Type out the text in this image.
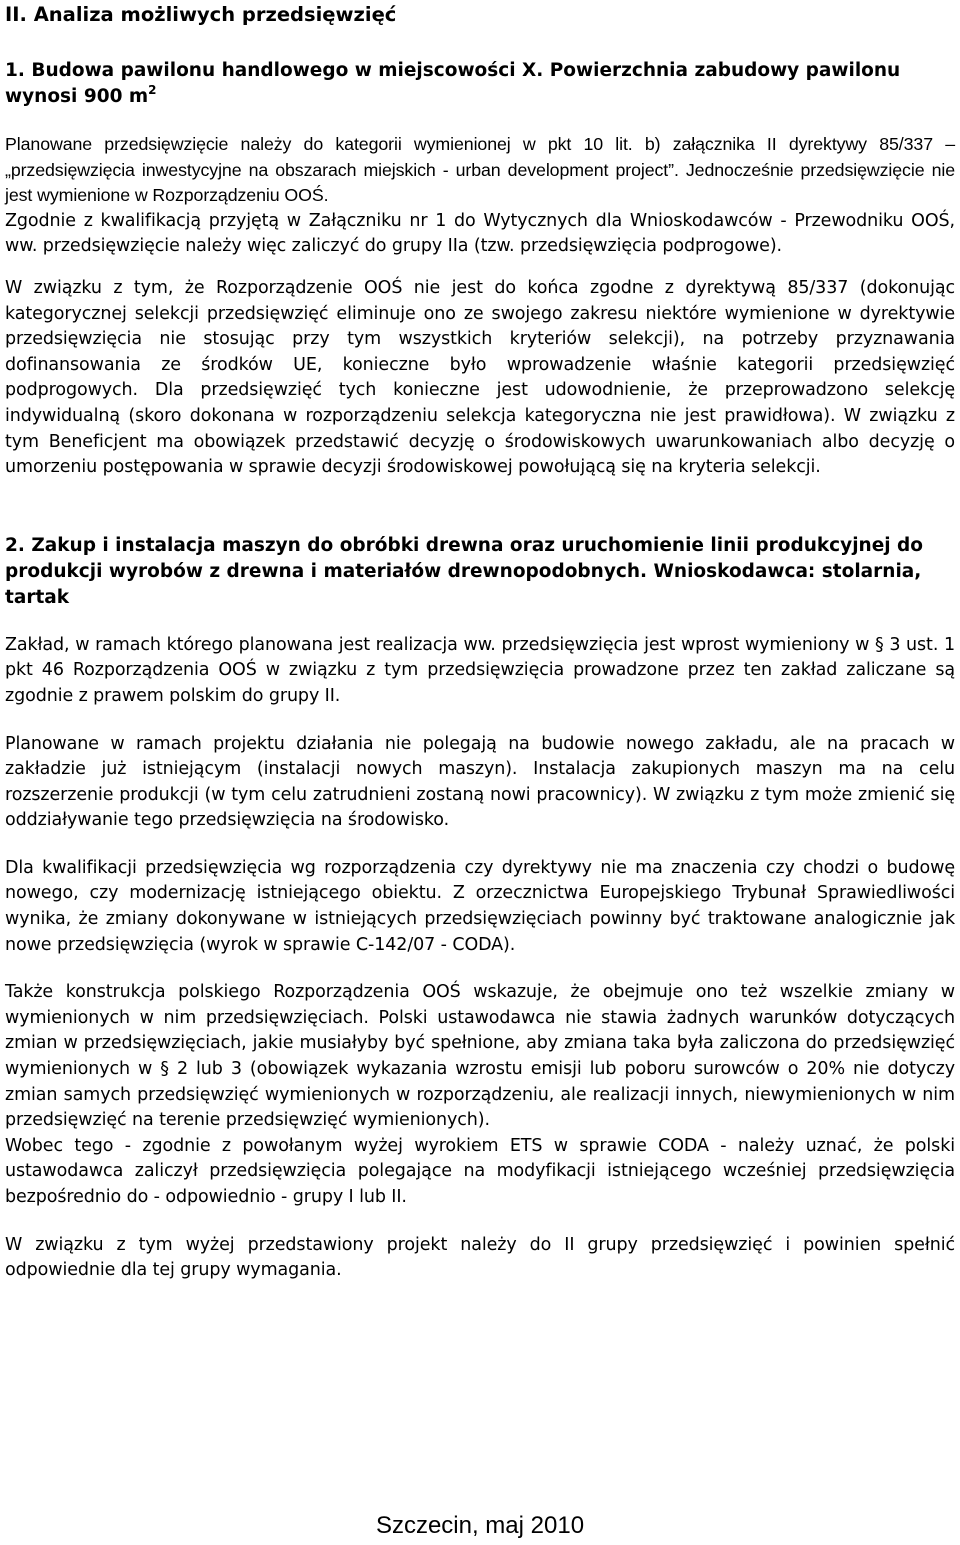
II. Analiza możliwych przedsięwzięć
1. Budowa pawilonu handlowego w miejscowości X. Powierzchnia zabudowy pawilonu wynosi 900 $m^2$

Planowane przedsięwzięcie należy do kategorii wymienionej w pkt 10 lit. b) załącznika II dyrektywy 85/337 – „przedsięwzięcia inwestycyjne na obszarach miejskich - urban development project”. Jednocześnie przedsięwzięcie nie jest wymienione w Rozporządzeniu OOŚ.

Zgodnie z kwalifikacją przyjętą w Załączniku nr 1 do Wytycznych dla Wnioskodawców - Przewodniku OOŚ, ww. przedsięwzięcie należy więc zaliczyć do grupy IIa (tzw. przedsięwzięcia podprogowe).

W związku z tym, że Rozporządzenie OOŚ nie jest do końca zgodne z dyrektywą 85/337 (dokonując kategorycznej selekcji przedsięwzięć eliminuje ono ze swojego zakresu niektóre wymienione w dyrektywie przedsięwzięcia nie stosując przy tym wszystkich kryteriów selekcji), na potrzeby przyznawania dofinansowania ze środków UE, konieczne było wprowadzenie właśnie kategorii przedsięwzięć podprogowych. Dla przedsięwzięć tych konieczne jest udowodnienie, że przeprowadzono selekcję indywidualną (skoro dokonana w rozporządzeniu selekcja kategoryczna nie jest prawidłowa). W związku z tym Beneficjent ma obowiązek przedstawić decyzję o środowiskowych uwarunkowaniach albo decyzję o umorzeniu postępowania w sprawie decyzji środowiskowej powołującą się na kryteria selekcji.

2. Zakup i instalacja maszyn do obróbki drewna oraz uruchomienie linii produkcyjnej do produkcji wyrobów z drewna i materiałów drewnopodobnych. Wnioskodawca: stolarnia, tartak

Zakład, w ramach którego planowana jest realizacja ww. przedsięwzięcia jest wprost wymieniony w § 3 ust. 1 pkt 46 Rozporządzenia OOŚ w związku z tym przedsięwzięcia prowadzone przez ten zakład zaliczane są zgodnie z prawem polskim do grupy II.

Planowane w ramach projektu działania nie polegają na budowie nowego zakładu, ale na pracach w zakładzie już istniejącym (instalacji nowych maszyn). Instalacja zakupionych maszyn ma na celu rozszerzenie produkcji (w tym celu zatrudnieni zostaną nowi pracownicy). W związku z tym może zmienić się oddziaływanie tego przedsięwzięcia na środowisko.

Dla kwalifikacji przedsięwzięcia wg rozporządzenia czy dyrektywy nie ma znaczenia czy chodzi o budowę nowego, czy modernizację istniejącego obiektu. Z orzecznictwa Europejskiego Trybunał Sprawiedliwości wynika, że zmiany dokonywane w istniejących przedsięwzięciach powinny być traktowane analogicznie jak nowe przedsięwzięcia (wyrok w sprawie C-142/07 - CODA).

Także konstrukcja polskiego Rozporządzenia OOŚ wskazuje, że obejmuje ono też wszelkie zmiany w wymienionych w nim przedsięwzięciach. Polski ustawodawca nie stawia żadnych warunków dotyczących zmian w przedsięwzięciach, jakie musiałyby być spełnione, aby zmiana taka była zaliczona do przedsięwzięć wymienionych w § 2 lub 3 (obowiązek wykazania wzrostu emisji lub poboru surowców o 20% nie dotyczy zmian samych przedsięwzięć wymienionych w rozporządzeniu, ale realizacji innych, niewymienionych w nim przedsięwzięć na terenie przedsięwzięć wymienionych).

Wobec tego - zgodnie z powołanym wyżej wyrokiem ETS w sprawie CODA - należy uznać, że polski ustawodawca zaliczył przedsięwzięcia polegające na modyfikacji istniejącego wcześniej przedsięwzięcia bezpośrednio do - odpowiednio - grupy I lub II.

W związku z tym wyżej przedstawiony projekt należy do II grupy przedsięwzięć i powinien spełnić odpowiednie dla tej grupy wymagania.

Szczecin, maj 2010
